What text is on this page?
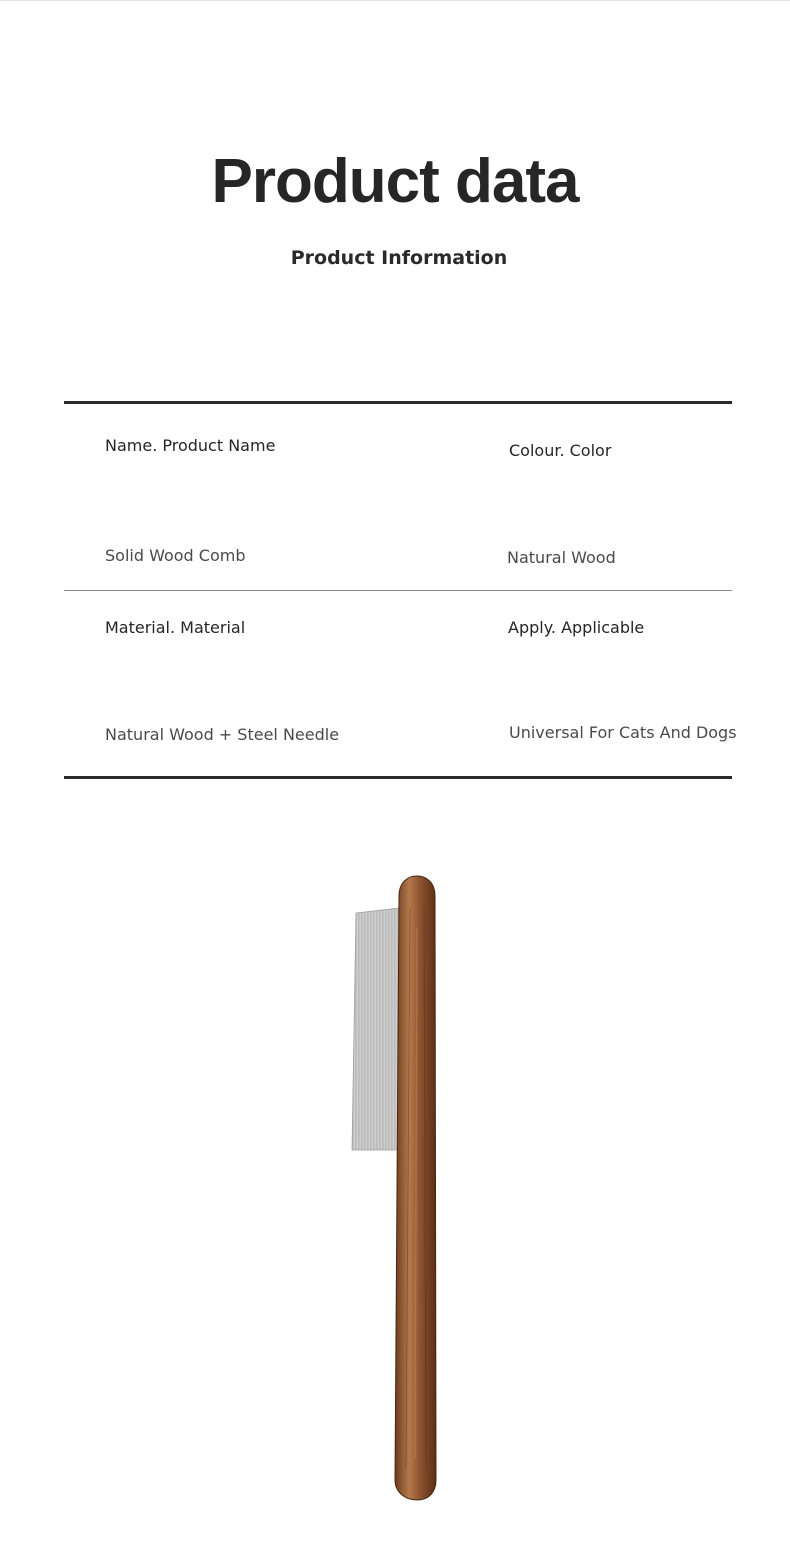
Product data
Product Information
Name. Product Name	Colour. Color
Solid Wood Comb	Natural Wood
Material. Material	Apply. Applicable
Natural Wood + Steel Needle	Universal For Cats And Dogs
